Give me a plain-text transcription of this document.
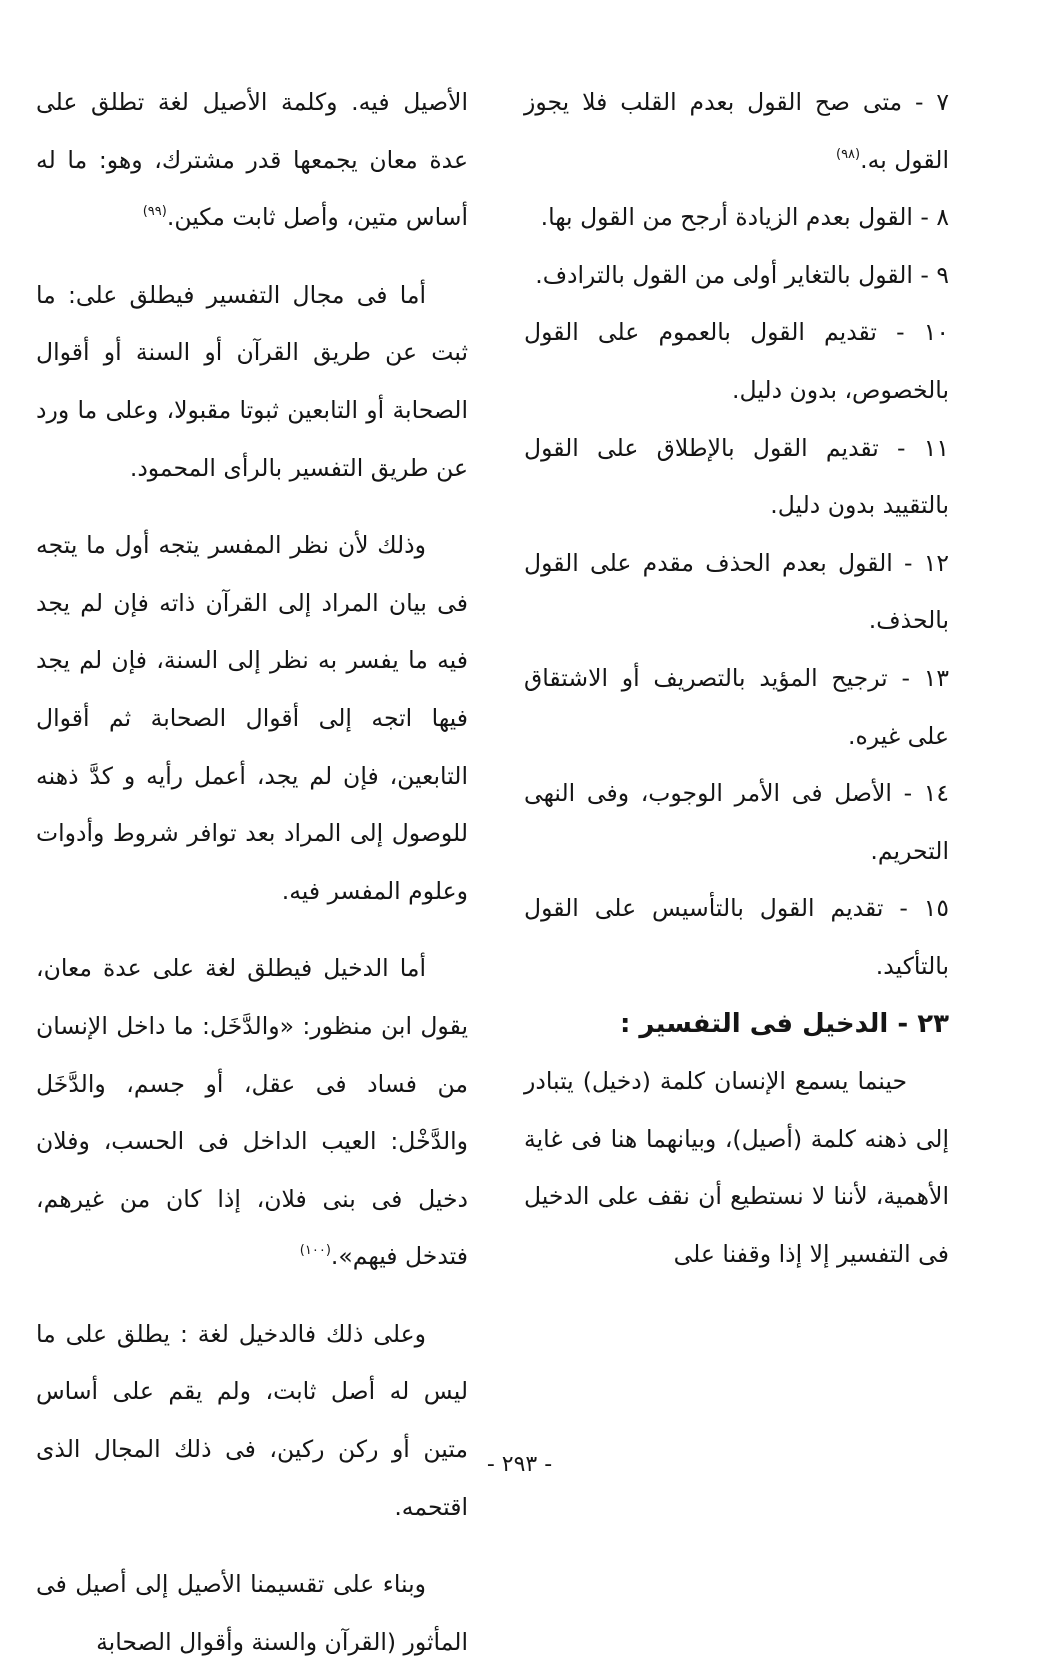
٧ - متى صح القول بعدم القلب فلا يجوز القول به.$^{(٩٨)}$

٨ - القول بعدم الزيادة أرجح من القول بها.

٩ - القول بالتغاير أولى من القول بالترادف.

١٠ - تقديم القول بالعموم على القول بالخصوص، بدون دليل.

١١ - تقديم القول بالإطلاق على القول بالتقييد بدون دليل.

١٢ - القول بعدم الحذف مقدم على القول بالحذف.

١٣ - ترجيح المؤيد بالتصريف أو الاشتقاق على غيره.

١٤ - الأصل فى الأمر الوجوب، وفى النهى التحريم.

١٥ - تقديم القول بالتأسيس على القول بالتأكيد.

٢٣ - الدخيل فى التفسير :

حينما يسمع الإنسان كلمة (دخيل) يتبادر إلى ذهنه كلمة (أصيل)، وبيانهما هنا فى غاية الأهمية، لأننا لا نستطيع أن نقف على الدخيل فى التفسير إلا إذا وقفنا على

الأصيل فيه. وكلمة الأصيل لغة تطلق على عدة معان يجمعها قدر مشترك، وهو: ما له أساس متين، وأصل ثابت مكين.$^{(٩٩)}$

أما فى مجال التفسير فيطلق على: ما ثبت عن طريق القرآن أو السنة أو أقوال الصحابة أو التابعين ثبوتا مقبولا، وعلى ما ورد عن طريق التفسير بالرأى المحمود.

وذلك لأن نظر المفسر يتجه أول ما يتجه فى بيان المراد إلى القرآن ذاته فإن لم يجد فيه ما يفسر به نظر إلى السنة، فإن لم يجد فيها اتجه إلى أقوال الصحابة ثم أقوال التابعين، فإن لم يجد، أعمل رأيه و كدَّ ذهنه للوصول إلى المراد بعد توافر شروط وأدوات وعلوم المفسر فيه.

أما الدخيل فيطلق لغة على عدة معان، يقول ابن منظور: «والدَّخَل: ما داخل الإنسان من فساد فى عقل، أو جسم، والدَّخَل والدَّخْل: العيب الداخل فى الحسب، وفلان دخيل فى بنى فلان، إذا كان من غيرهم، فتدخل فيهم».$^{(١٠٠)}$

وعلى ذلك فالدخيل لغة : يطلق على ما ليس له أصل ثابت، ولم يقم على أساس متين أو ركن ركين، فى ذلك المجال الذى اقتحمه.

وبناء على تقسيمنا الأصيل إلى أصيل فى المأثور (القرآن والسنة وأقوال الصحابة

- ٢٩٣ -
